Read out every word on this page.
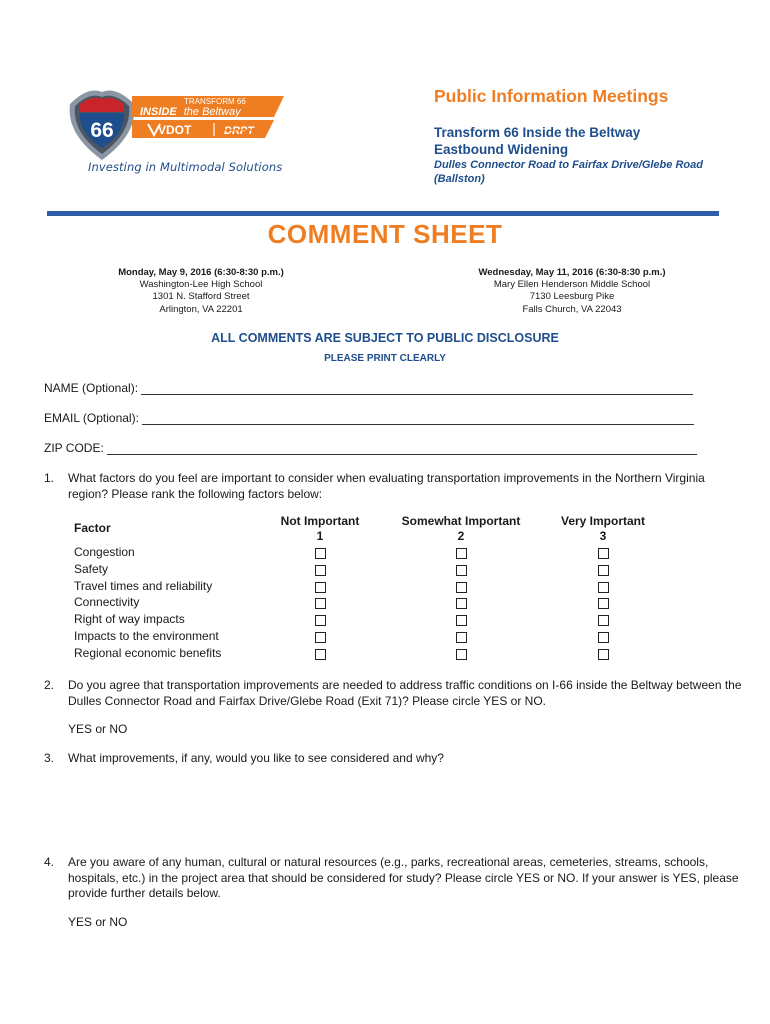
66
TRANSFORM 66
INSIDE the Beltway
VDOT	DRPT
Investing in Multimodal Solutions
Public Information Meetings
Transform 66 Inside the Beltway
Eastbound Widening
Dulles Connector Road to Fairfax Drive/Glebe Road
(Ballston)
COMMENT SHEET
Monday, May 9, 2016 (6:30-8:30 p.m.)
Washington-Lee High School
1301 N. Stafford Street
Arlington, VA 22201
Wednesday, May 11, 2016 (6:30-8:30 p.m.)
Mary Ellen Henderson Middle School
7130 Leesburg Pike
Falls Church, VA 22043
ALL COMMENTS ARE SUBJECT TO PUBLIC DISCLOSURE
PLEASE PRINT CLEARLY
NAME (Optional):
EMAIL (Optional):
ZIP CODE:
1. What factors do you feel are important to consider when evaluating transportation improvements in the Northern Virginia region? Please rank the following factors below:
Factor	Not Important
1
Somewhat Important
2
Very Important
3
Congestion
Safety
Travel times and reliability
Connectivity
Right of way impacts
Impacts to the environment
Regional economic benefits
2. Do you agree that transportation improvements are needed to address traffic conditions on I-66 inside the Beltway between the Dulles Connector Road and Fairfax Drive/Glebe Road (Exit 71)? Please circle YES or NO.
YES or NO
3. What improvements, if any, would you like to see considered and why?
4. Are you aware of any human, cultural or natural resources (e.g., parks, recreational areas, cemeteries, streams, schools, hospitals, etc.) in the project area that should be considered for study? Please circle YES or NO. If your answer is YES, please provide further details below.
YES or NO
